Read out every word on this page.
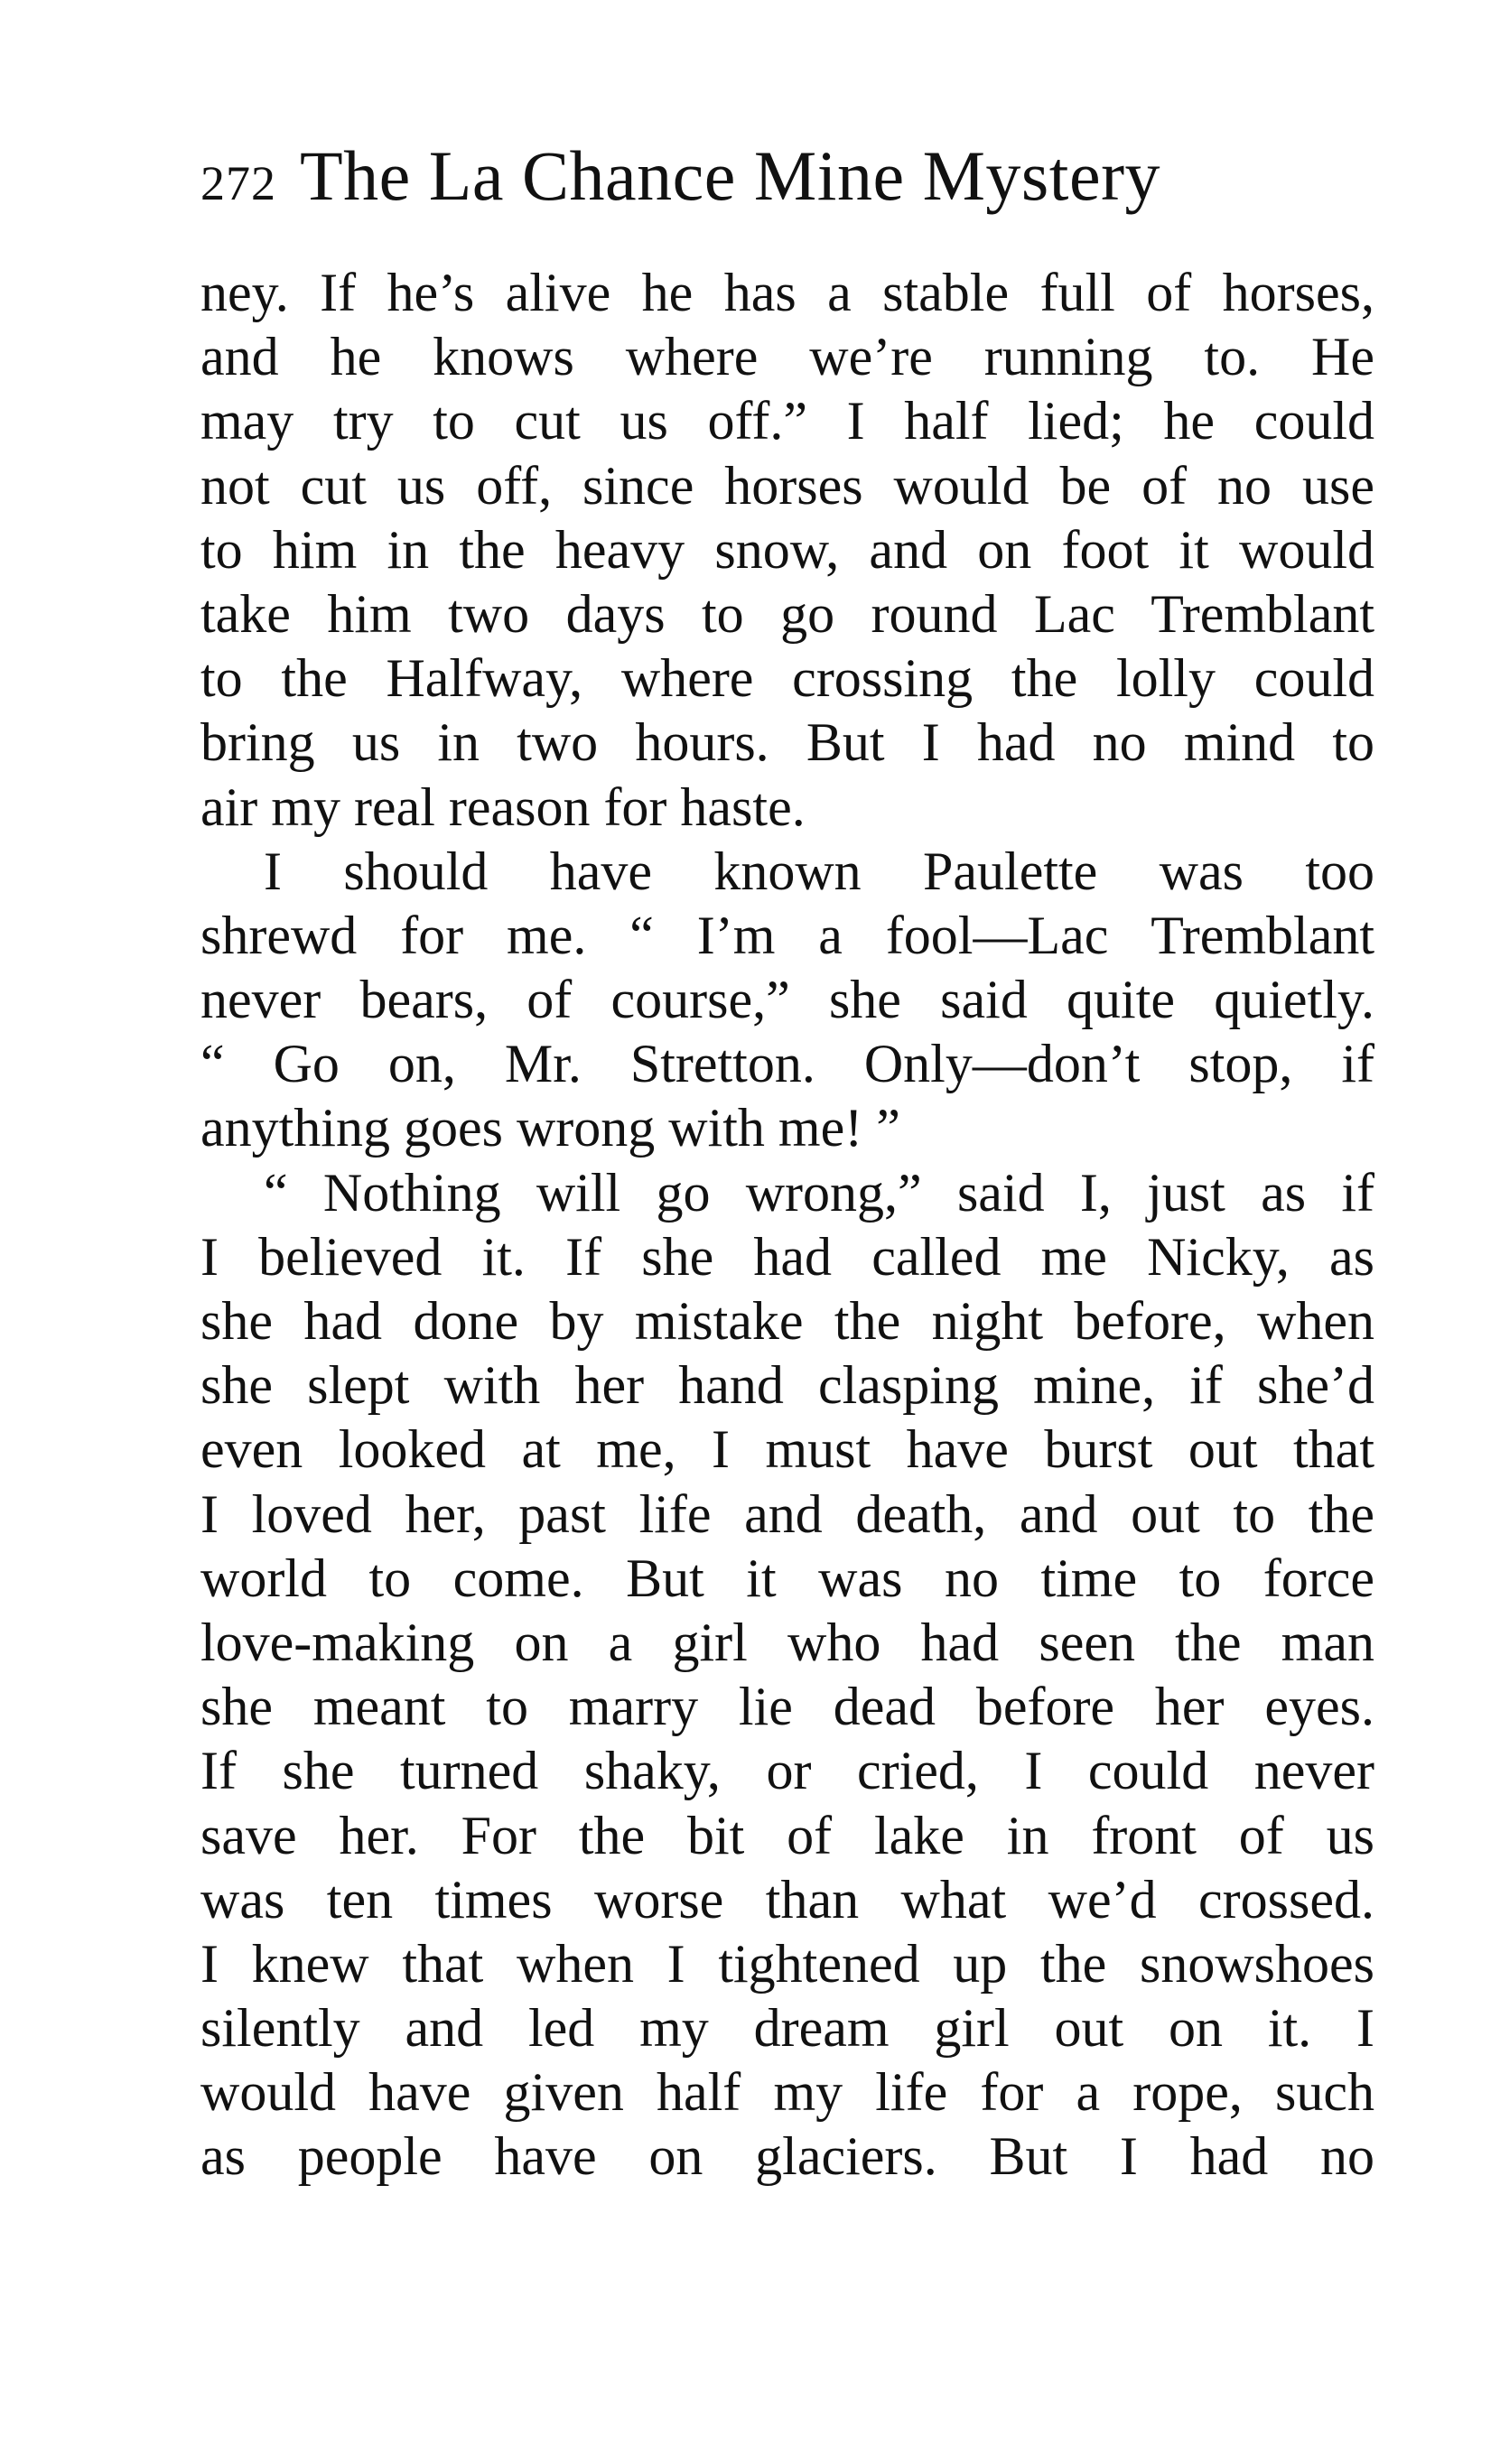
272 The La Chance Mine Mystery
ney. If he’s alive he has a stable full of horses,
and he knows where we’re running to. He
may try to cut us off.” I half lied; he could
not cut us off, since horses would be of no use
to him in the heavy snow, and on foot it would
take him two days to go round Lac Tremblant
to the Halfway, where crossing the lolly could
bring us in two hours. But I had no mind to
air my real reason for haste.
I should have known Paulette was too
shrewd for me. “ I’m a fool—Lac Tremblant
never bears, of course,” she said quite quietly.
“ Go on, Mr. Stretton. Only—don’t stop, if
anything goes wrong with me! ”
“ Nothing will go wrong,” said I, just as if
I believed it. If she had called me Nicky, as
she had done by mistake the night before, when
she slept with her hand clasping mine, if she’d
even looked at me, I must have burst out that
I loved her, past life and death, and out to the
world to come. But it was no time to force
love-making on a girl who had seen the man
she meant to marry lie dead before her eyes.
If she turned shaky, or cried, I could never
save her. For the bit of lake in front of us
was ten times worse than what we’d crossed.
I knew that when I tightened up the snowshoes
silently and led my dream girl out on it. I
would have given half my life for a rope, such
as people have on glaciers. But I had no
